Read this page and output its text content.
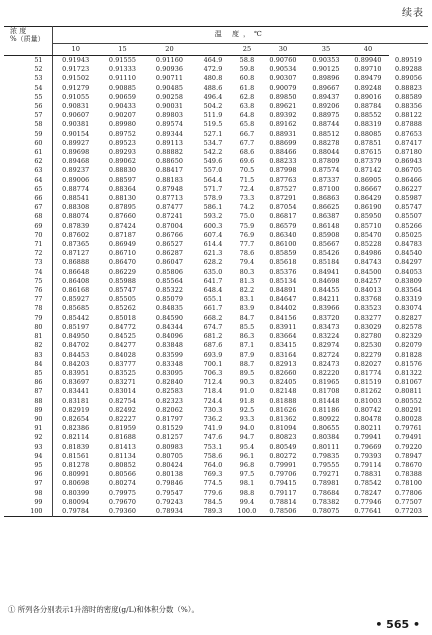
续表
浓 度
%（质量）	温 度，℃								
	10	15	20		25	30	35	40	
51	0.91943	0.91555	0.91160	464.9	58.8	0.90760	0.90353	0.89940	0.89519
52	0.91723	0.91333	0.90936	472.9	59.8	0.90534	0.90125	0.89710	0.89288
53	0.91502	0.91110	0.90711	480.8	60.8	0.90307	0.89896	0.89479	0.89056
54	0.91279	0.90885	0.90485	488.6	61.8	0.90079	0.89667	0.89248	0.88823
55	0.91055	0.90659	0.90258	496.4	62.8	0.89850	0.89437	0.89016	0.88589
56	0.90831	0.90433	0.90031	504.2	63.8	0.89621	0.89206	0.88784	0.88356
57	0.90607	0.90207	0.89803	511.9	64.8	0.89392	0.88975	0.88552	0.88122
58	0.90381	0.89980	0.89574	519.5	65.8	0.89162	0.88744	0.88319	0.87888
59	0.90154	0.89752	0.89344	527.1	66.7	0.88931	0.88512	0.88085	0.87653
60	0.89927	0.89523	0.89113	534.7	67.7	0.88699	0.88278	0.87851	0.87417
61	0.89698	0.89293	0.88882	542.2	68.6	0.88466	0.88044	0.87615	0.87180
62	0.89468	0.89062	0.88650	549.6	69.6	0.88233	0.87809	0.87379	0.86943
63	0.89237	0.88830	0.88417	557.0	70.5	0.87998	0.87574	0.87142	0.86705
64	0.89006	0.88597	0.88183	564.4	71.5	0.87763	0.87337	0.86905	0.86466
65	0.88774	0.88364	0.87948	571.7	72.4	0.87527	0.87100	0.86667	0.86227
66	0.88541	0.88130	0.87713	578.9	73.3	0.87291	0.86863	0.86429	0.85987
67	0.88308	0.87895	0.87477	586.1	74.2	0.87054	0.86625	0.86190	0.85747
68	0.88074	0.87660	0.87241	593.2	75.0	0.86817	0.86387	0.85950	0.85507
69	0.87839	0.87424	0.87004	600.3	75.9	0.86579	0.86148	0.85710	0.85266
70	0.87602	0.87187	0.86766	607.4	76.9	0.86340	0.85908	0.85470	0.85025
71	0.87365	0.86949	0.86527	614.4	77.7	0.86100	0.85667	0.85228	0.84783
72	0.87127	0.86710	0.86287	621.3	78.6	0.85859	0.85426	0.84986	0.84540
73	0.86888	0.86470	0.86047	628.2	79.4	0.85618	0.85184	0.84743	0.84297
74	0.86648	0.86229	0.85806	635.0	80.3	0.85376	0.84941	0.84500	0.84053
75	0.86408	0.85988	0.85564	641.7	81.3	0.85134	0.84698	0.84257	0.83809
76	0.86168	0.85747	0.85322	648.4	82.2	0.84891	0.84455	0.84013	0.83564
77	0.85927	0.85505	0.85079	655.1	83.1	0.84647	0.84211	0.83768	0.83319
78	0.85685	0.85262	0.84835	661.7	83.9	0.84402	0.83966	0.83523	0.83074
79	0.85442	0.85018	0.84590	668.2	84.7	0.84156	0.83720	0.83277	0.82827
80	0.85197	0.84772	0.84344	674.7	85.5	0.83911	0.83473	0.83029	0.82578
81	0.84950	0.84525	0.84096	681.2	86.3	0.83664	0.83224	0.82780	0.82329
82	0.84702	0.84277	0.83848	687.6	87.1	0.83415	0.82974	0.82530	0.82079
83	0.84453	0.84028	0.83599	693.9	87.9	0.83164	0.82724	0.82279	0.81828
84	0.84203	0.83777	0.83348	700.1	88.7	0.82913	0.82473	0.82027	0.81576
85	0.83951	0.83525	0.83095	706.3	89.5	0.82660	0.82220	0.81774	0.81322
86	0.83697	0.83271	0.82840	712.4	90.3	0.82405	0.81965	0.81519	0.81067
87	0.83441	0.83014	0.82583	718.4	91.0	0.82148	0.81708	0.81262	0.80811
88	0.83181	0.82754	0.82323	724.4	91.8	0.81888	0.81448	0.81003	0.80552
89	0.82919	0.82492	0.82062	730.3	92.5	0.81626	0.81186	0.80742	0.80291
90	0.82654	0.82227	0.81797	736.2	93.3	0.81362	0.80922	0.80478	0.80028
91	0.82386	0.81959	0.81529	741.9	94.0	0.81094	0.80655	0.80211	0.79761
92	0.82114	0.81688	0.81257	747.6	94.7	0.80823	0.80384	0.79941	0.79491
93	0.81839	0.81413	0.80983	753.1	95.4	0.80549	0.80111	0.79669	0.79220
94	0.81561	0.81134	0.80705	758.6	96.1	0.80272	0.79835	0.79393	0.78947
95	0.81278	0.80852	0.80424	764.0	96.8	0.79991	0.79555	0.79114	0.78670
96	0.80991	0.80566	0.80138	769.3	97.5	0.79706	0.79271	0.78831	0.78388
97	0.80698	0.80274	0.79846	774.5	98.1	0.79415	0.78981	0.78542	0.78100
98	0.80399	0.79975	0.79547	779.6	98.8	0.79117	0.78684	0.78247	0.77806
99	0.80094	0.79670	0.79243	784.5	99.4	0.78814	0.78382	0.77946	0.77507
100	0.79784	0.79360	0.78934	789.3	100.0	0.78506	0.78075	0.77641	0.77203
① 所列各分别表示1升溶时的密度(g/L)和体积分数（%）。
• 565 •
